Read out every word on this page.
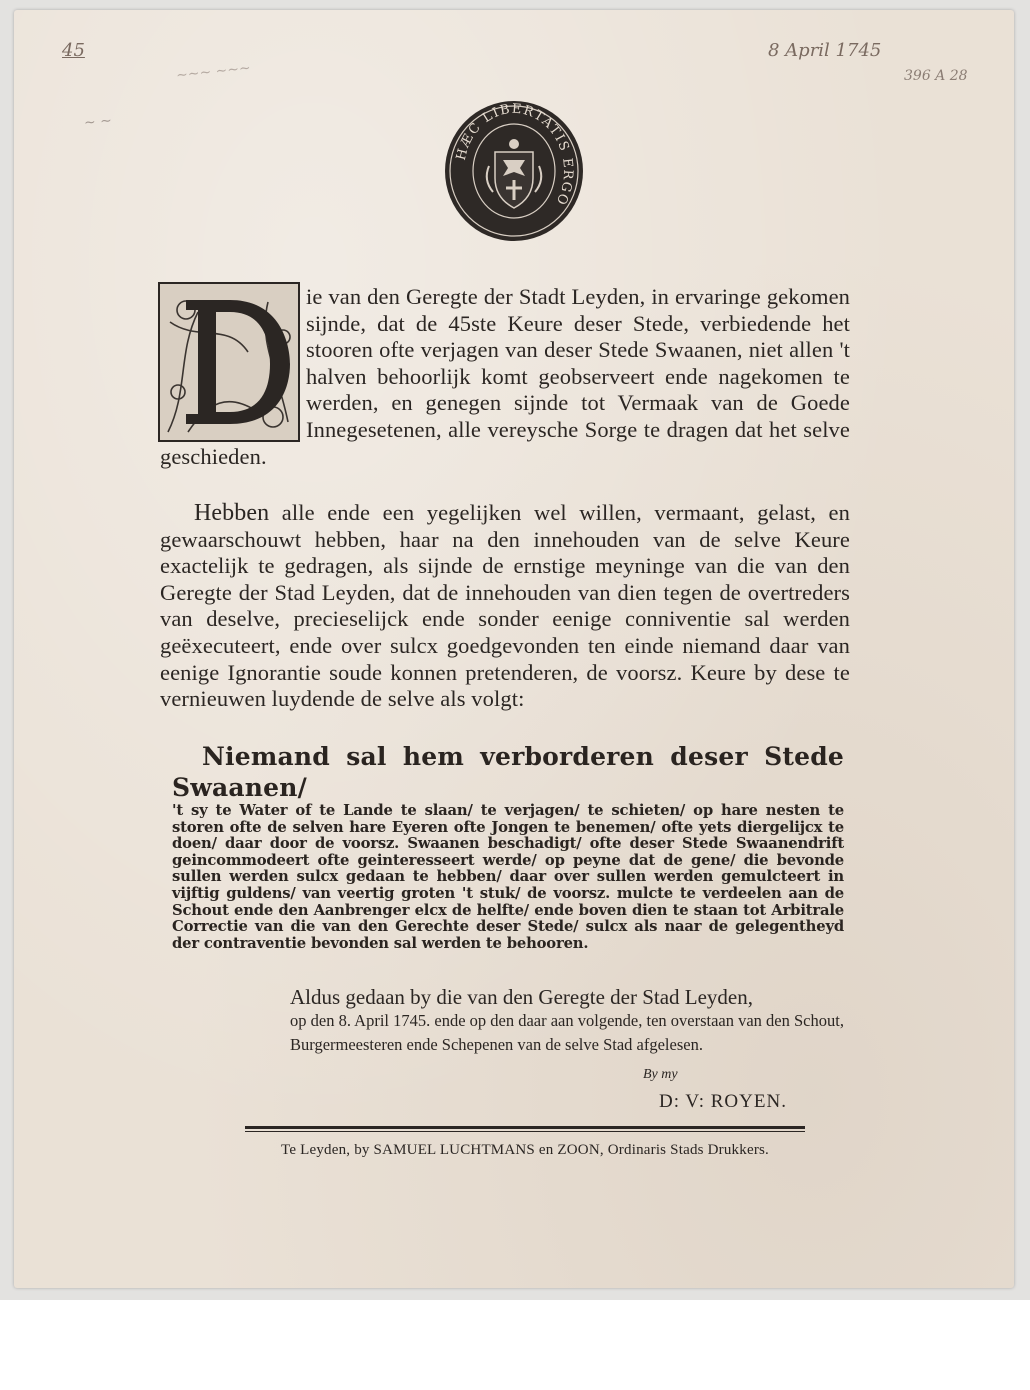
45	8 April 1745
396 A 28
~~~ ~~~
~ ~
HÆC LIBERTATIS ERGO
ie van den Geregte der Stadt Leyden, in ervaringe gekomen sijnde, dat de 45ste Keure deser Stede, verbiedende het stooren ofte verjagen van deser Stede Swaanen, niet allen 't halven behoorlijk komt geobserveert ende nagekomen te werden, en genegen sijnde tot Vermaak van de Goede Innegesetenen, alle vereysche Sorge te dragen dat het selve geschieden.
Hebben alle ende een yegelijken wel willen, vermaant, gelast, en gewaarschouwt hebben, haar na den innehouden van de selve Keure exactelijk te gedragen, als sijnde de ernstige meyninge van die van den Geregte der Stad Leyden, dat de innehouden van dien tegen de overtreders van deselve, precieselijck ende sonder eenige conniventie sal werden geëxecuteert, ende over sulcx goedgevonden ten einde niemand daar van eenige Ignorantie soude konnen pretenderen, de voorsz. Keure by dese te vernieuwen luydende de selve als volgt:
Niemand sal hem verborderen deser Stede Swaanen/
't sy te Water of te Lande te slaan/ te verjagen/ te schieten/ op hare nesten te storen ofte de selven hare Eyeren ofte Jongen te benemen/ ofte yets diergelijcx te doen/ daar door de voorsz. Swaanen beschadigt/ ofte deser Stede Swaanendrift geincommodeert ofte geinteresseert werde/ op peyne dat de gene/ die bevonde sullen werden sulcx gedaan te hebben/ daar over sullen werden gemulcteert in vijftig guldens/ van veertig groten 't stuk/ de voorsz. mulcte te verdeelen aan de Schout ende den Aanbrenger elcx de helfte/ ende boven dien te staan tot Arbitrale Correctie van die van den Gerechte deser Stede/ sulcx als naar de gelegentheyd der contraventie bevonden sal werden te behooren.
Aldus gedaan by die van den Geregte der Stad Leyden,
op den 8. April 1745. ende op den daar aan volgende, ten overstaan van den Schout, Burgermeesteren ende Schepenen van de selve Stad afgelesen.
By my
D: V: ROYEN.
Te Leyden, by SAMUEL LUCHTMANS en ZOON, Ordinaris Stads Drukkers.
